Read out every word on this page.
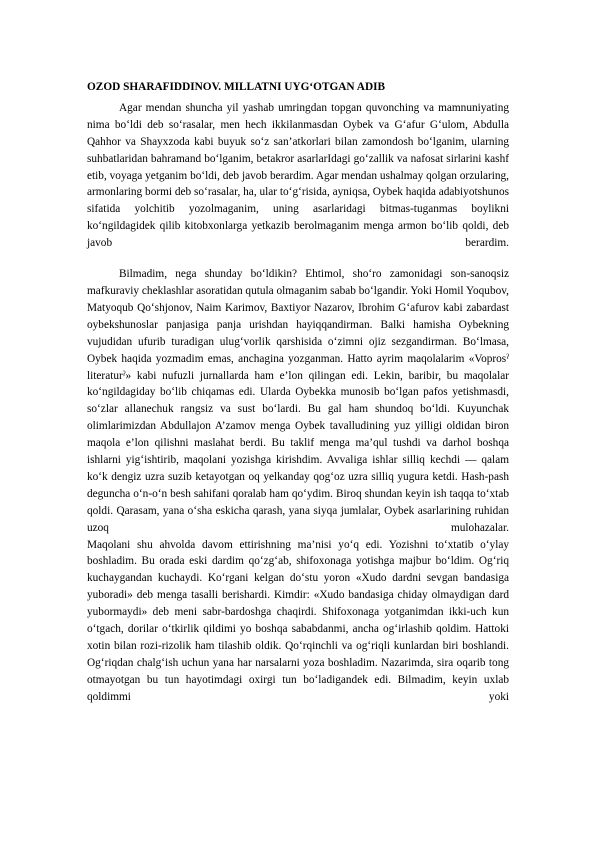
OZOD SHARAFIDDINOV. MILLATNI UYG‘OTGAN ADIB

Agar mendan shuncha yil yashab umringdan topgan quvonching va mamnuniyating nima bo‘ldi deb so‘rasalar, men hech ikkilanmasdan Oybek va G‘afur G‘ulom, Abdulla Qahhor va Shayxzoda kabi buyuk so‘z san’atkorlari bilan zamondosh bo‘lganim, ularning suhbatlaridan bahramand bo‘lganim, betakror asarlarIdagi go‘zallik va nafosat sirlarini kashf etib, voyaga yetganim bo‘ldi, deb javob berardim. Agar mendan ushalmay qolgan orzularing, armonlaring bormi deb so‘rasalar, ha, ular to‘g‘risida, ayniqsa, Oybek haqida adabiyotshunos sifatida yolchitib yozolmaganim, uning asarlaridagi bitmas-tuganmas boylikni ko‘ngildagidek qilib kitobxonlarga yetkazib berolmaganim menga armon bo‘lib qoldi, deb javob berardim.

Bilmadim, nega shunday bo‘ldikin? Ehtimol, sho‘ro zamonidagi son-sanoqsiz mafkuraviy cheklashlar asoratidan qutula olmaganim sabab bo‘lgandir. Yoki Homil Yoqubov, Matyoqub Qo‘shjonov, Naim Karimov, Baxtiyor Nazarov, Ibrohim G‘afurov kabi zabardast oybekshunoslar panjasiga panja urishdan hayiqqandirman. Balki hamisha Oybekning vujudidan ufurib turadigan ulug‘vorlik qarshisida o‘zimni ojiz sezgandirman. Bo‘lmasa, Oybek haqida yozmadim emas, anchagina yozganman. Hatto ayrim maqolalarim «Voprosˀ literaturˀ» kabi nufuzli jurnallarda ham e’lon qilingan edi. Lekin, baribir, bu maqolalar ko‘ngildagiday bo‘lib chiqamas edi. Ularda Oybekka munosib bo‘lgan pafos yetishmasdi, so‘zlar allanechuk rangsiz va sust bo‘lardi. Bu gal ham shundoq bo‘ldi. Kuyunchak olimlarimizdan Abdullajon A’zamov menga Oybek tavalludining yuz yilligi oldidan biron maqola e’lon qilishni maslahat berdi. Bu taklif menga ma’qul tushdi va darhol boshqa ishlarni yig‘ishtirib, maqolani yozishga kirishdim. Avvaliga ishlar silliq kechdi — qalam ko‘k dengiz uzra suzib ketayotgan oq yelkanday qog‘oz uzra silliq yugura ketdi. Hash-pash deguncha o‘n-o‘n besh sahifani qoralab ham qo‘ydim. Biroq shundan keyin ish taqqa to‘xtab qoldi. Qarasam, yana o‘sha eskicha qarash, yana siyqa jumlalar, Oybek asarlarining ruhidan uzoq mulohazalar.

Maqolani shu ahvolda davom ettirishning ma’nisi yo‘q edi. Yozishni to‘xtatib o‘ylay boshladim. Bu orada eski dardim qo‘zg‘ab, shifoxonaga yotishga majbur bo‘ldim. Og‘riq kuchaygandan kuchaydi. Ko‘rgani kelgan do‘stu yoron «Xudo dardni sevgan bandasiga yuboradi» deb menga tasalli berishardi. Kimdir: «Xudo bandasiga chiday olmaydigan dard yubormaydi» deb meni sabr-bardoshga chaqirdi. Shifoxonaga yotganimdan ikki-uch kun o‘tgach, dorilar o‘tkirlik qildimi yo boshqa sababdanmi, ancha og‘irlashib qoldim. Hattoki xotin bilan rozi-rizolik ham tilashib oldik. Qo‘rqinchli va og‘riqli kunlardan biri boshlandi. Og‘riqdan chalg‘ish uchun yana har narsalarni yoza boshladim. Nazarimda, sira oqarib tong otmayotgan bu tun hayotimdagi oxirgi tun bo‘ladigandek edi. Bilmadim, keyin uxlab qoldimmi yoki
